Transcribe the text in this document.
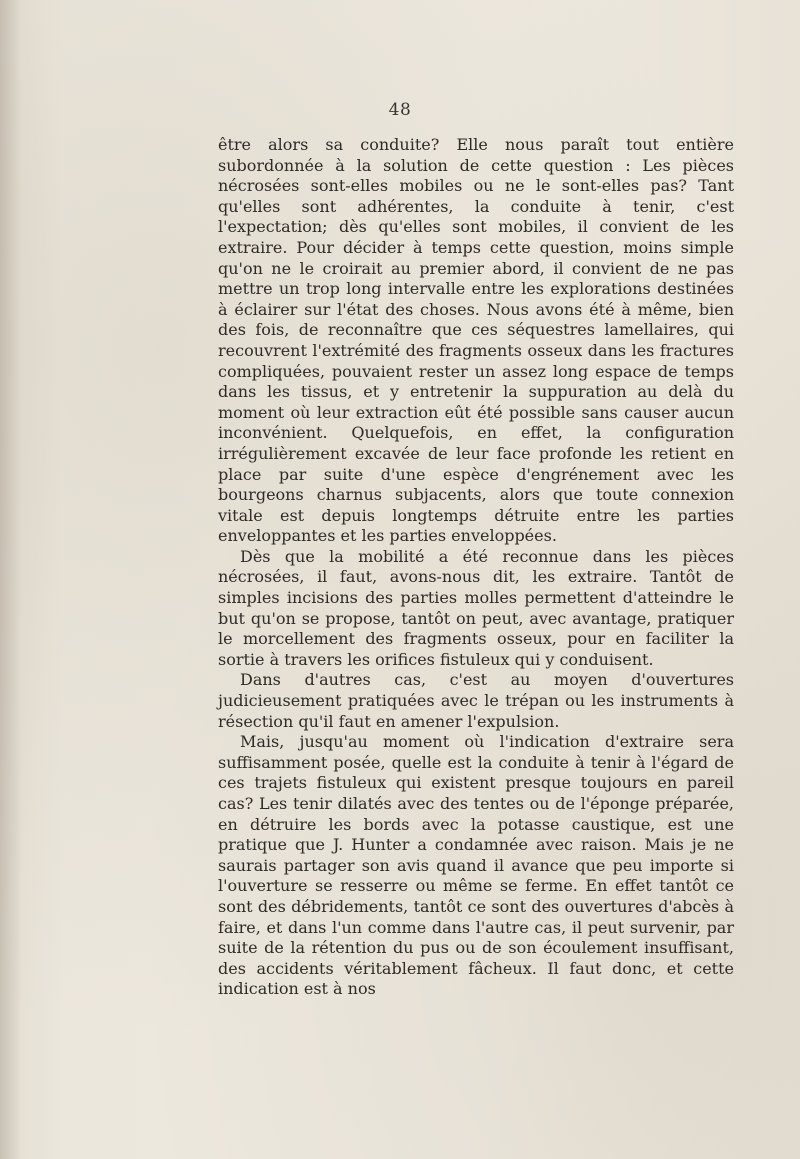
48

être alors sa conduite? Elle nous paraît tout entière subordonnée à la solution de cette question : Les pièces nécrosées sont-elles mobiles ou ne le sont-elles pas? Tant qu'elles sont adhérentes, la conduite à tenir, c'est l'expectation; dès qu'elles sont mobiles, il convient de les extraire. Pour décider à temps cette question, moins simple qu'on ne le croirait au premier abord, il convient de ne pas mettre un trop long intervalle entre les explorations destinées à éclairer sur l'état des choses. Nous avons été à même, bien des fois, de reconnaître que ces séquestres lamellaires, qui recouvrent l'extrémité des fragments osseux dans les fractures compliquées, pouvaient rester un assez long espace de temps dans les tissus, et y entretenir la suppuration au delà du moment où leur extraction eût été possible sans causer aucun inconvénient. Quelquefois, en effet, la configuration irrégulièrement excavée de leur face profonde les retient en place par suite d'une espèce d'engrénement avec les bourgeons charnus subjacents, alors que toute connexion vitale est depuis longtemps détruite entre les parties enveloppantes et les parties enveloppées.

Dès que la mobilité a été reconnue dans les pièces nécrosées, il faut, avons-nous dit, les extraire. Tantôt de simples incisions des parties molles permettent d'atteindre le but qu'on se propose, tantôt on peut, avec avantage, pratiquer le morcellement des fragments osseux, pour en faciliter la sortie à travers les orifices fistuleux qui y conduisent.

Dans d'autres cas, c'est au moyen d'ouvertures judicieusement pratiquées avec le trépan ou les instruments à résection qu'il faut en amener l'expulsion.

Mais, jusqu'au moment où l'indication d'extraire sera suffisamment posée, quelle est la conduite à tenir à l'égard de ces trajets fistuleux qui existent presque toujours en pareil cas? Les tenir dilatés avec des tentes ou de l'éponge préparée, en détruire les bords avec la potasse caustique, est une pratique que J. Hunter a condamnée avec raison. Mais je ne saurais partager son avis quand il avance que peu importe si l'ouverture se resserre ou même se ferme. En effet tantôt ce sont des débridements, tantôt ce sont des ouvertures d'abcès à faire, et dans l'un comme dans l'autre cas, il peut survenir, par suite de la rétention du pus ou de son écoulement insuffisant, des accidents véritablement fâcheux. Il faut donc, et cette indication est à nos
